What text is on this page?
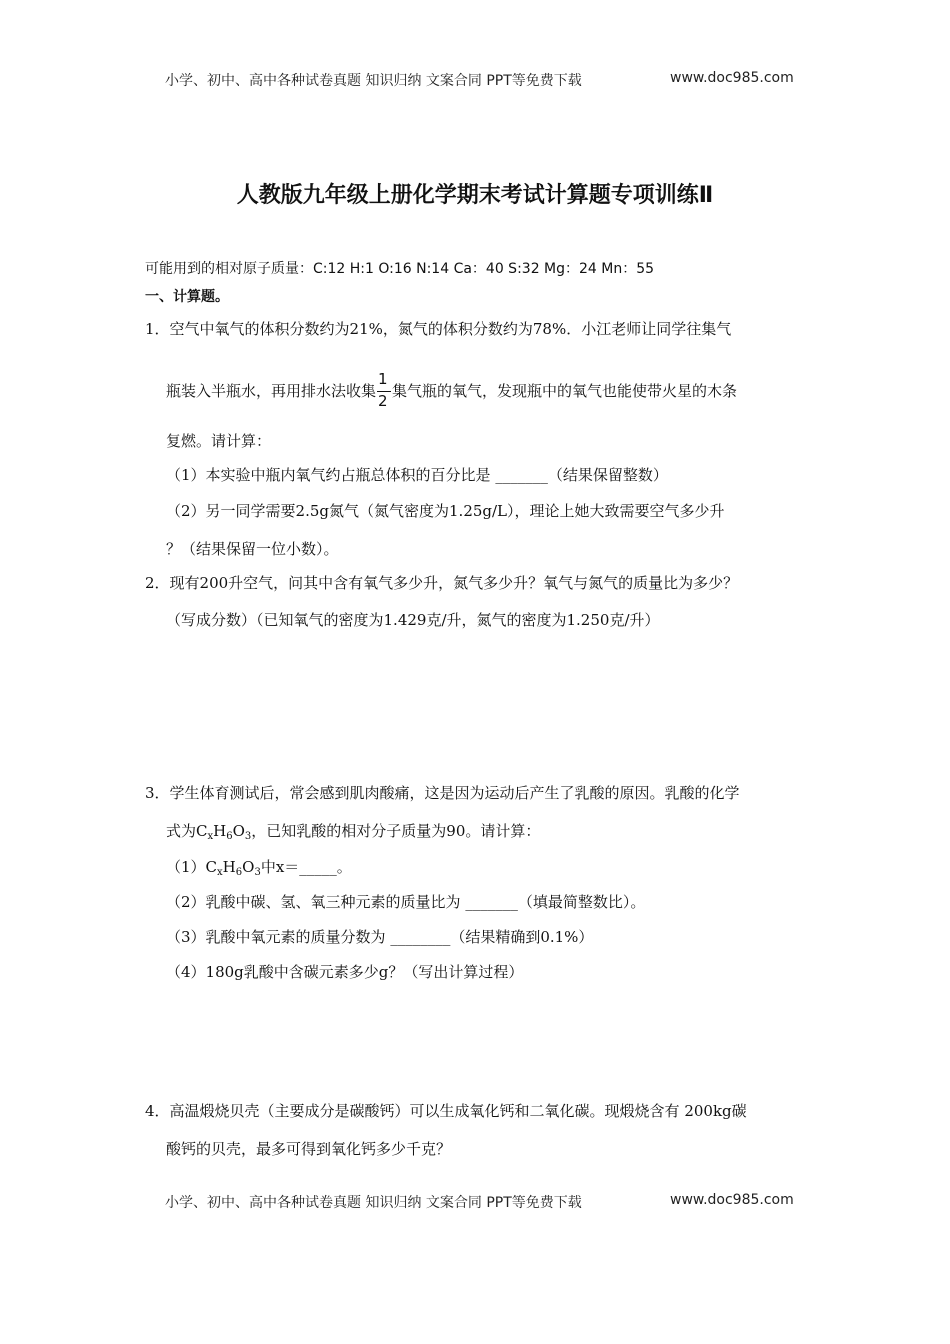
小学、初中、高中各种试卷真题 知识归纳 文案合同 PPT等免费下载	www.doc985.com
人教版九年级上册化学期末考试计算题专项训练Ⅱ
可能用到的相对原子质量：C:12 H:1 O:16 N:14 Ca：40 S:32 Mg：24 Mn：55
一、计算题。
1．空气中氧气的体积分数约为21%，氮气的体积分数约为78%．小江老师让同学往集气
瓶装入半瓶水，再用排水法收集 $\frac{1}{2}$ 集气瓶的氧气，发现瓶中的氧气也能使带火星的木条
复燃。请计算：
（1）本实验中瓶内氧气约占瓶总体积的百分比是 _______（结果保留整数）
（2）另一同学需要2.5g氮气（氮气密度为1.25g/L），理论上她大致需要空气多少升
？（结果保留一位小数）。
2．现有200升空气，问其中含有氧气多少升，氮气多少升？氧气与氮气的质量比为多少？
（写成分数）（已知氧气的密度为1.429克/升，氮气的密度为1.250克/升）
3．学生体育测试后，常会感到肌肉酸痛，这是因为运动后产生了乳酸的原因。乳酸的化学
式为$C_xH_6O_3$，已知乳酸的相对分子质量为90。请计算：
$(1)C_xH_6O_3$中x＝_____。
（2）乳酸中碳、氢、氧三种元素的质量比为 _______（填最简整数比）。
（3）乳酸中氧元素的质量分数为 ________（结果精确到0.1%）
（4）180g乳酸中含碳元素多少g？（写出计算过程）
4．高温煅烧贝壳（主要成分是碳酸钙）可以生成氧化钙和二氧化碳。现煅烧含有 200kg碳
酸钙的贝壳，最多可得到氧化钙多少千克？
小学、初中、高中各种试卷真题 知识归纳 文案合同 PPT等免费下载	www.doc985.com
